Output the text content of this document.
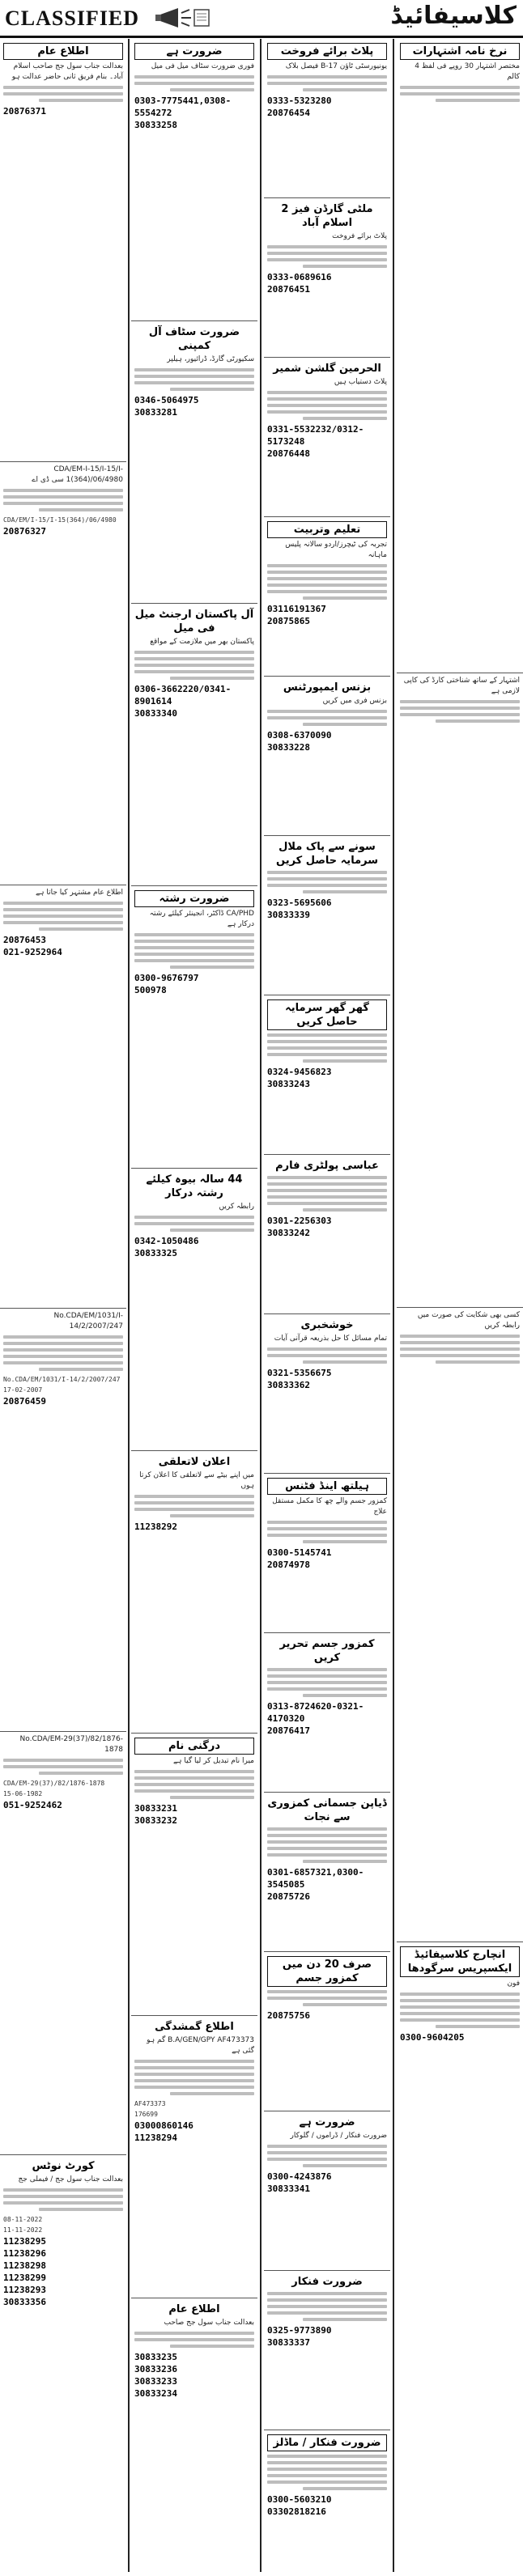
CLASSIFIED	کلاسیفائیڈ
اطلاع عام
بعدالت جناب سول جج صاحب اسلام آباد۔ بنام فریق ثانی حاضر عدالت ہو
20876371
CDA/EM-I-15/I-15/I-1(364)/06/4980 سی ڈی اے
CDA/EM/I-15/I-15(364)/06/4980
20876327
اطلاع عام مشتہر کیا جاتا ہے
20876453
021-9252964
No.CDA/EM/1031/I-14/2/2007/247
No.CDA/EM/1031/I-14/2/2007/247
17-02-2007
20876459
No.CDA/EM-29(37)/82/1876-1878
CDA/EM-29(37)/82/1876-1878
15-06-1982
051-9252462
کورٹ نوٹس
بعدالت جناب سول جج / فیملی جج
08-11-2022
11-11-2022
11238295
11238296
11238298
11238299
11238293
30833356
ضرورت ہے
فوری ضرورت سٹاف میل فی میل
0303-7775441,0308-5554272
30833258
ضرورت سٹاف آل کمپنی
سکیورٹی گارڈ، ڈرائیور، ہیلپر
0346-5064975
30833281
آل پاکستان ارجنٹ میل فی میل
پاکستان بھر میں ملازمت کے مواقع
0306-3662220/0341-8901614
30833340
ضرورت رشتہ
CA/PHD ڈاکٹر، انجینئر کیلئے رشتہ درکار ہے
0300-9676797
500978
44 سالہ بیوہ کیلئے رشتہ درکار
رابطہ کریں
0342-1050486
30833325
اعلان لاتعلقی
میں اپنے بیٹے سے لاتعلقی کا اعلان کرتا ہوں
11238292
درگنی نام
میرا نام تبدیل کر لیا گیا ہے
30833231
30833232
اطلاع گمشدگی
B.A/GEN/GPY AF473373 گم ہو گئی ہے
AF473373
176699
03000860146
11238294
اطلاع عام
بعدالت جناب سول جج صاحب
30833235
30833236
30833233
30833234
پلاٹ برائے فروخت
یونیورسٹی ٹاؤن B-17 فیصل بلاک
0333-5323280
20876454
ملٹی گارڈن فیز 2 اسلام آباد
پلاٹ برائے فروخت
0333-0689616
20876451
الحرمین گلشن شمیر
پلاٹ دستیاب ہیں
0331-5532232/0312-5173248
20876448
تعلیم وتربیت
تجربہ کی ٹیچرز/اردو سالانہ پلیس ماہانہ
03116191367
20875865
بزنس ایمپورٹنس
بزنس فری میں کریں
0308-6370090
30833228
سونے سے پاک ملال سرمایہ حاصل کریں
0323-5695606
30833339
گھر گھر سرمایہ حاصل کریں
0324-9456823
30833243
عباسی پولٹری فارم
0301-2256303
30833242
خوشخبری
تمام مسائل کا حل بذریعہ قرآنی آیات
0321-5356675
30833362
ہیلتھ اینڈ فٹنس
کمزور جسم والے چھ کا مکمل مستقل علاج
0300-5145741
20874978
کمزور جسم تحریر کریں
0313-8724620-0321-4170320
20876417
ڈیاپن جسمانی کمزوری سے نجات
0301-6857321,0300-3545085
20875726
صرف 20 دن میں کمزور جسم
20875756
ضرورت ہے
ضرورت فنکار / ڈراموں / گلوکار
0300-4243876
30833341
ضرورت فنکار
0325-9773890
30833337
ضرورت فنکار / ماڈلز
0300-5603210
03302818216
نرخ نامہ اشتہارات
مختصر اشتہار 30 روپے فی لفظ 4 کالم
اشتہار کے ساتھ شناختی کارڈ کی کاپی لازمی ہے
کسی بھی شکایت کی صورت میں رابطہ کریں
انچارج کلاسیفائیڈ ایکسپریس سرگودھا
فون
0300-9604205
